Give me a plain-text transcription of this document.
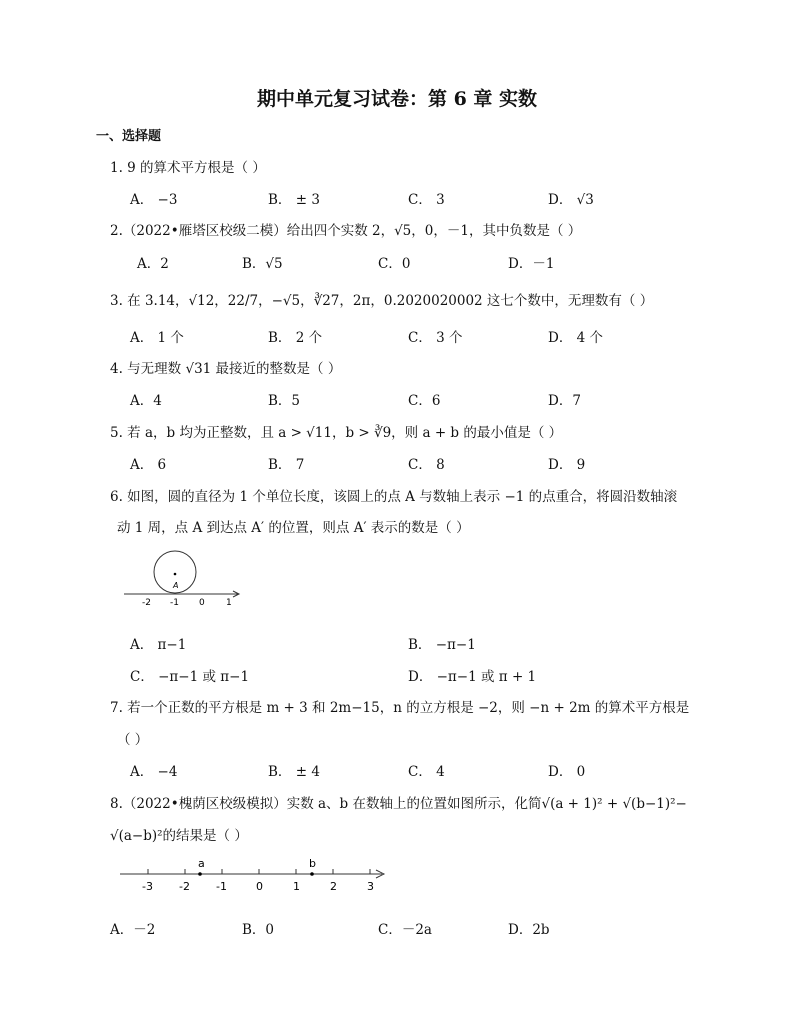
期中单元复习试卷：第 6 章 实数
一、选择题
1. 9 的算术平方根是（ ）
A． −3	B． ± 3	C． 3	D． √3
2.（2022•雁塔区校级二模）给出四个实数 2，√5，0，－1，其中负数是（ ）
A．2	B．√5	C．0	D．－1
3. 在 3.14，√12，22/7，−√5，∛27，2π，0.2020020002 这七个数中，无理数有（ ）
A． 1 个	B． 2 个	C． 3 个	D． 4 个
4. 与无理数 √31 最接近的整数是（ ）
A．4	B．5	C．6	D．7
5. 若 a，b 均为正整数，且 a > √11，b > ∛9，则 a + b 的最小值是（ ）
A． 6	B． 7	C． 8	D． 9
6. 如图，圆的直径为 1 个单位长度，该圆上的点 A 与数轴上表示 −1 的点重合，将圆沿数轴滚
动 1 周，点 A 到达点 A′ 的位置，则点 A′ 表示的数是（ ）
A
-2 -1 0 1
A． π−1	B． −π−1
C． −π−1 或 π−1	D． −π−1 或 π + 1
7. 若一个正数的平方根是 m + 3 和 2m−15，n 的立方根是 −2，则 −n + 2m 的算术平方根是
（ ）
A． −4	B． ± 4	C． 4	D． 0
8.（2022•槐荫区校级模拟）实数 a、b 在数轴上的位置如图所示，化简√(a + 1)² + √(b−1)²−
√(a−b)²的结果是（ ）
a	b
-3 -2 -1	0	1	2	3
A．－2	B．0	C．－2a	D．2b
